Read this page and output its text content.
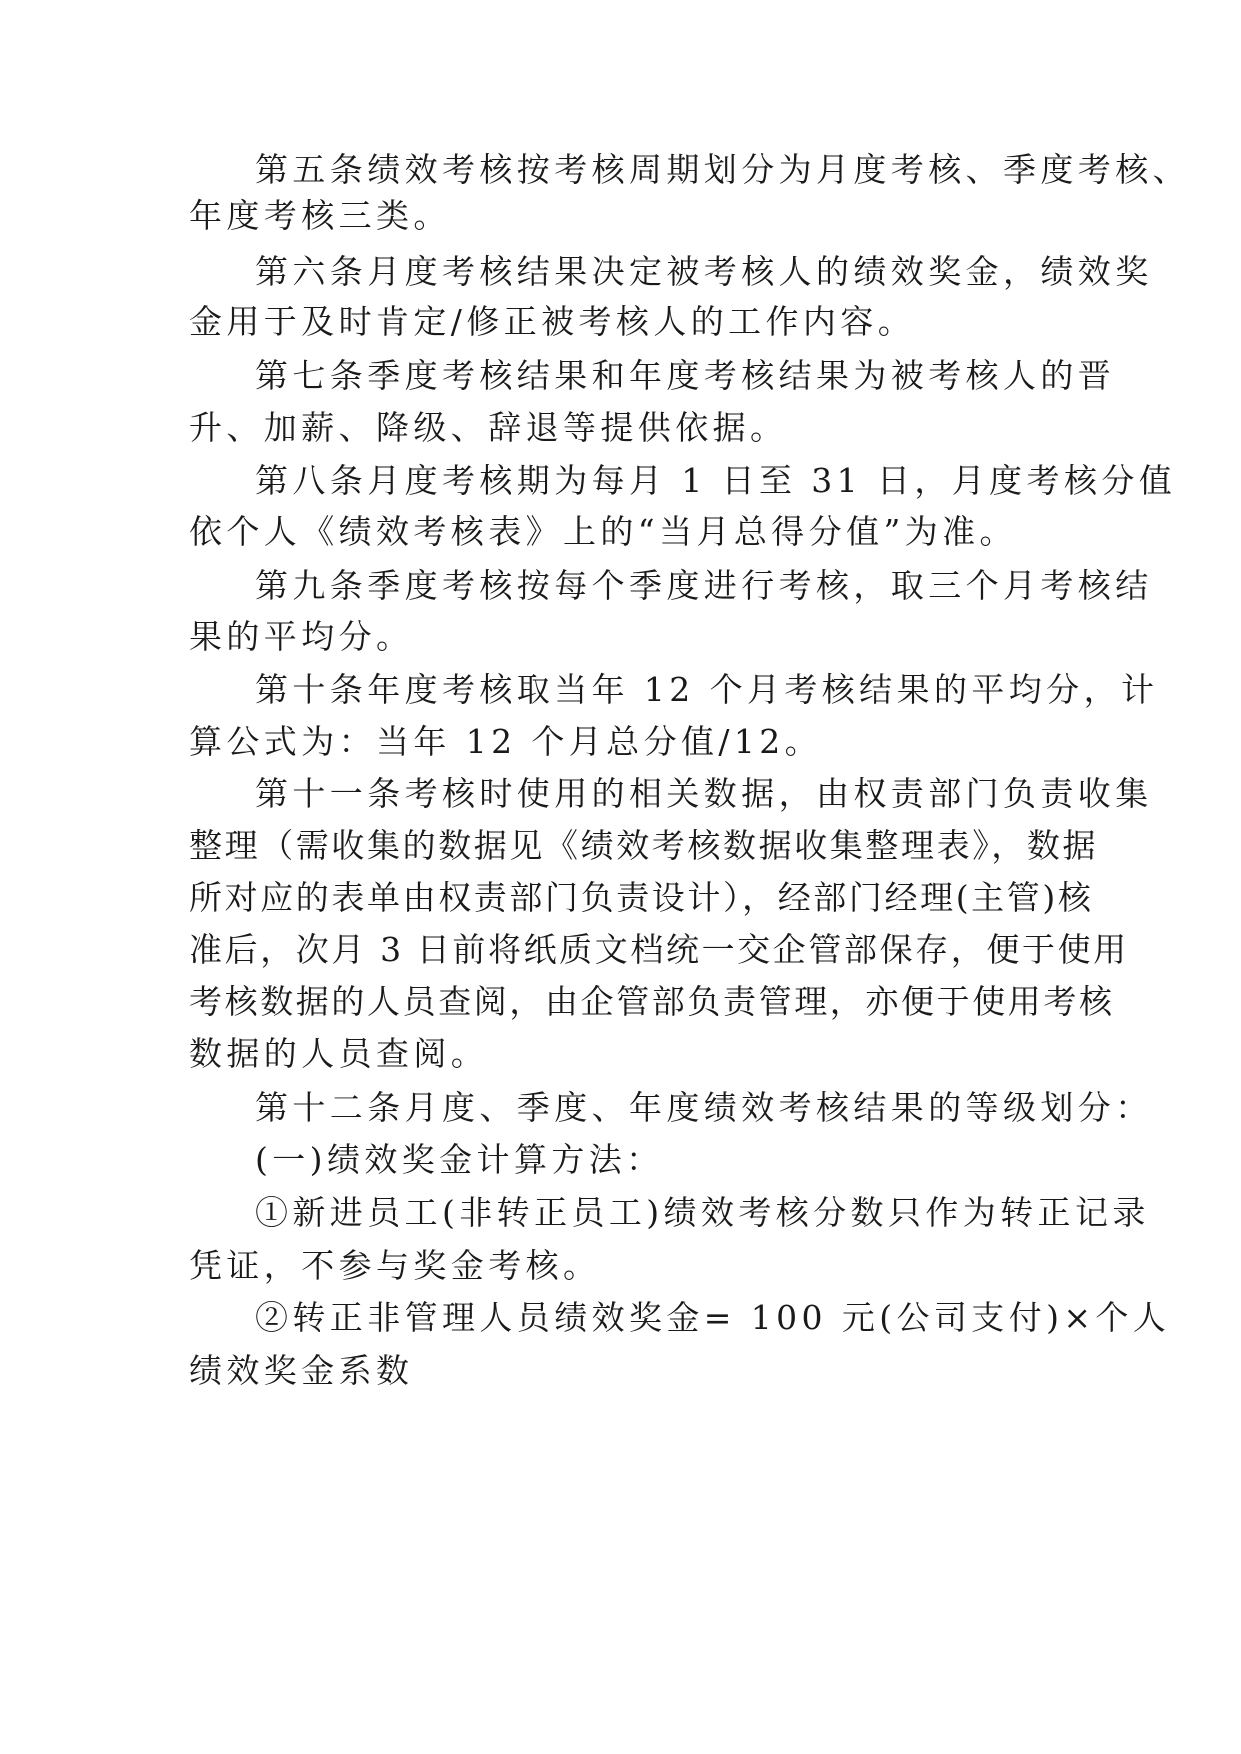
第五条绩效考核按考核周期划分为月度考核、季度考核、
年度考核三类。
第六条月度考核结果决定被考核人的绩效奖金，绩效奖
金用于及时肯定/修正被考核人的工作内容。
第七条季度考核结果和年度考核结果为被考核人的晋
升、加薪、降级、辞退等提供依据。
第八条月度考核期为每月 1 日至 31 日，月度考核分值
依个人《绩效考核表》上的“当月总得分值”为准。
第九条季度考核按每个季度进行考核，取三个月考核结
果的平均分。
第十条年度考核取当年 12 个月考核结果的平均分，计
算公式为：当年 12 个月总分值/12。
第十一条考核时使用的相关数据，由权责部门负责收集
整理（需收集的数据见《绩效考核数据收集整理表》，数据
所对应的表单由权责部门负责设计），经部门经理(主管)核
准后，次月 3 日前将纸质文档统一交企管部保存，便于使用
考核数据的人员查阅，由企管部负责管理，亦便于使用考核
数据的人员查阅。
第十二条月度、季度、年度绩效考核结果的等级划分：
(一)绩效奖金计算方法：
①新进员工(非转正员工)绩效考核分数只作为转正记录
凭证，不参与奖金考核。
②转正非管理人员绩效奖金= 100 元(公司支付)×个人
绩效奖金系数
